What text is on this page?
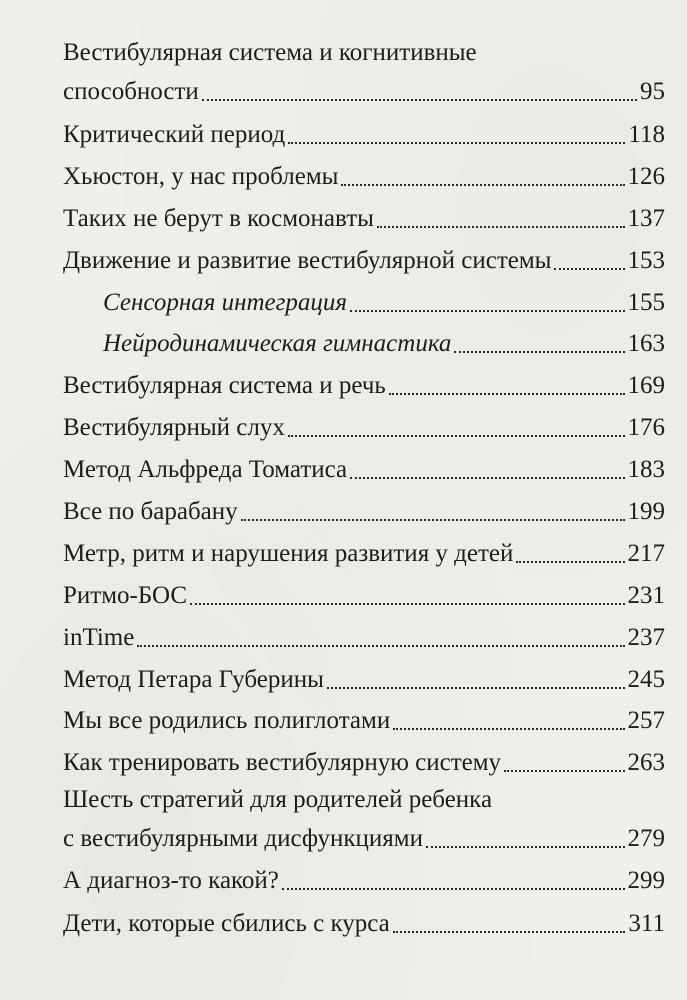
Вестибулярная система и когнитивные
способности	95
Критический период	118
Хьюстон, у нас проблемы	126
Таких не берут в космонавты	137
Движение и развитие вестибулярной системы	153
Сенсорная интеграция	155
Нейродинамическая гимнастика	163
Вестибулярная система и речь	169
Вестибулярный слух	176
Метод Альфреда Томатиса	183
Все по барабану	199
Метр, ритм и нарушения развития у детей	217
Ритмо-БОС	231
inTime	237
Метод Петара Губерины	245
Мы все родились полиглотами	257
Как тренировать вестибулярную систему	263
Шесть стратегий для родителей ребенка
с вестибулярными дисфункциями	279
А диагноз-то какой?	299
Дети, которые сбились с курса	311
